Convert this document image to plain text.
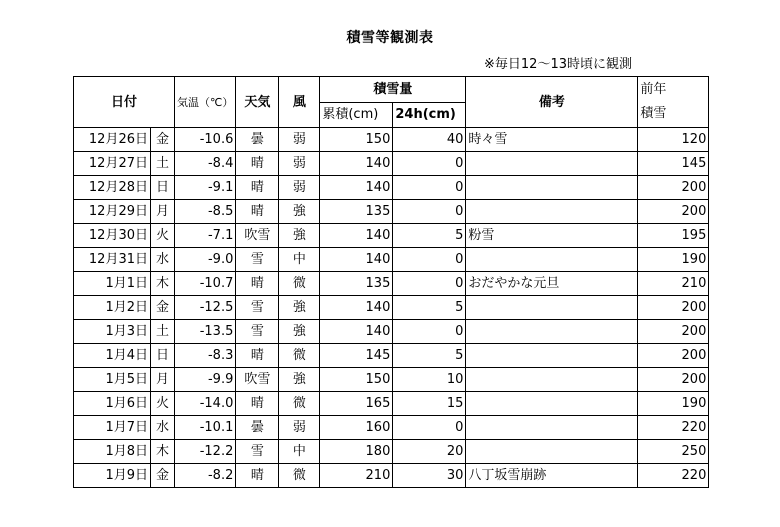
積雪等観測表
※毎日12～13時頃に観測
日付		気温（℃）	天気	風	積雪量		備考	前年
積雪

					累積(cm)	24h(cm)		
12月26日	金	-10.6	曇	弱	150	40	時々雪	120
12月27日	土	-8.4	晴	弱	140	0		145
12月28日	日	-9.1	晴	弱	140	0		200
12月29日	月	-8.5	晴	強	135	0		200
12月30日	火	-7.1	吹雪	強	140	5	粉雪	195
12月31日	水	-9.0	雪	中	140	0		190
1月1日	木	-10.7	晴	微	135	0	おだやかな元旦	210
1月2日	金	-12.5	雪	強	140	5		200
1月3日	土	-13.5	雪	強	140	0		200
1月4日	日	-8.3	晴	微	145	5		200
1月5日	月	-9.9	吹雪	強	150	10		200
1月6日	火	-14.0	晴	微	165	15		190
1月7日	水	-10.1	曇	弱	160	0		220
1月8日	木	-12.2	雪	中	180	20		250
1月9日	金	-8.2	晴	微	210	30	八丁坂雪崩跡	220
